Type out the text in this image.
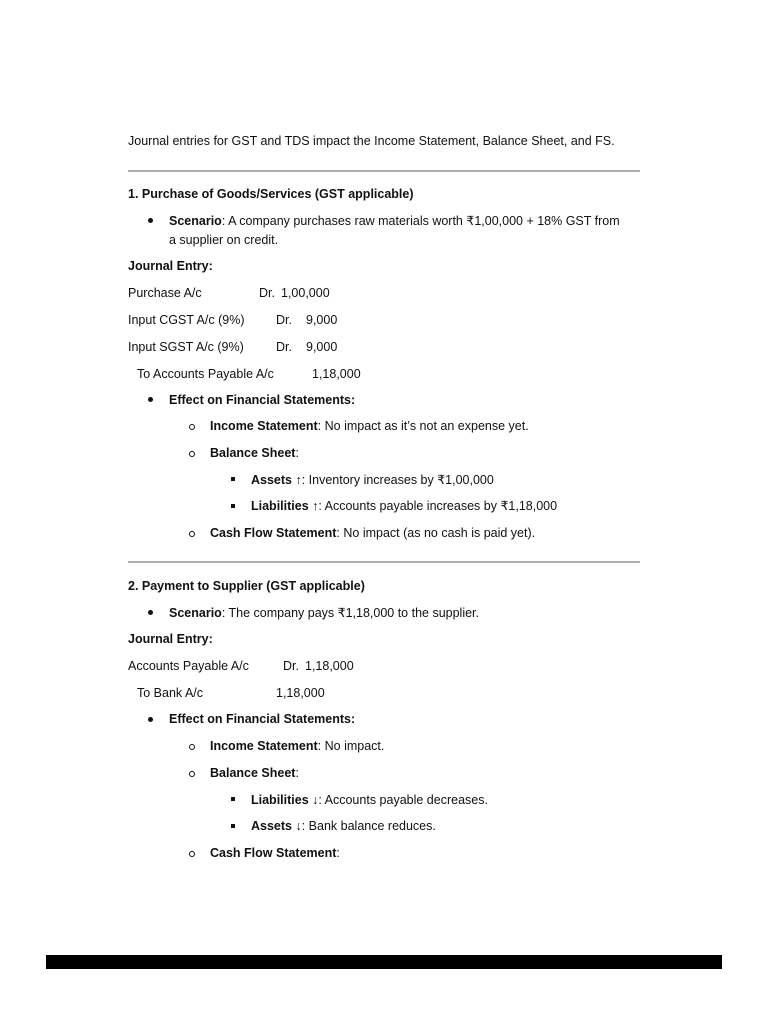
Journal entries for GST and TDS impact the Income Statement, Balance Sheet, and FS.
1. Purchase of Goods/Services (GST applicable)
Scenario: A company purchases raw materials worth ₹1,00,000 + 18% GST from a supplier on credit.
Journal Entry:
Purchase A/c	Dr. 1,00,000
Input CGST A/c (9%)	Dr. 9,000
Input SGST A/c (9%)	Dr. 9,000
To Accounts Payable A/c	1,18,000
Effect on Financial Statements:
Income Statement: No impact as it’s not an expense yet.
Balance Sheet:
Assets ↑: Inventory increases by ₹1,00,000
Liabilities ↑: Accounts payable increases by ₹1,18,000
Cash Flow Statement: No impact (as no cash is paid yet).
2. Payment to Supplier (GST applicable)
Scenario: The company pays ₹1,18,000 to the supplier.
Journal Entry:
Accounts Payable A/c	Dr. 1,18,000
To Bank A/c	1,18,000
Effect on Financial Statements:
Income Statement: No impact.
Balance Sheet:
Liabilities ↓: Accounts payable decreases.
Assets ↓: Bank balance reduces.
Cash Flow Statement:
